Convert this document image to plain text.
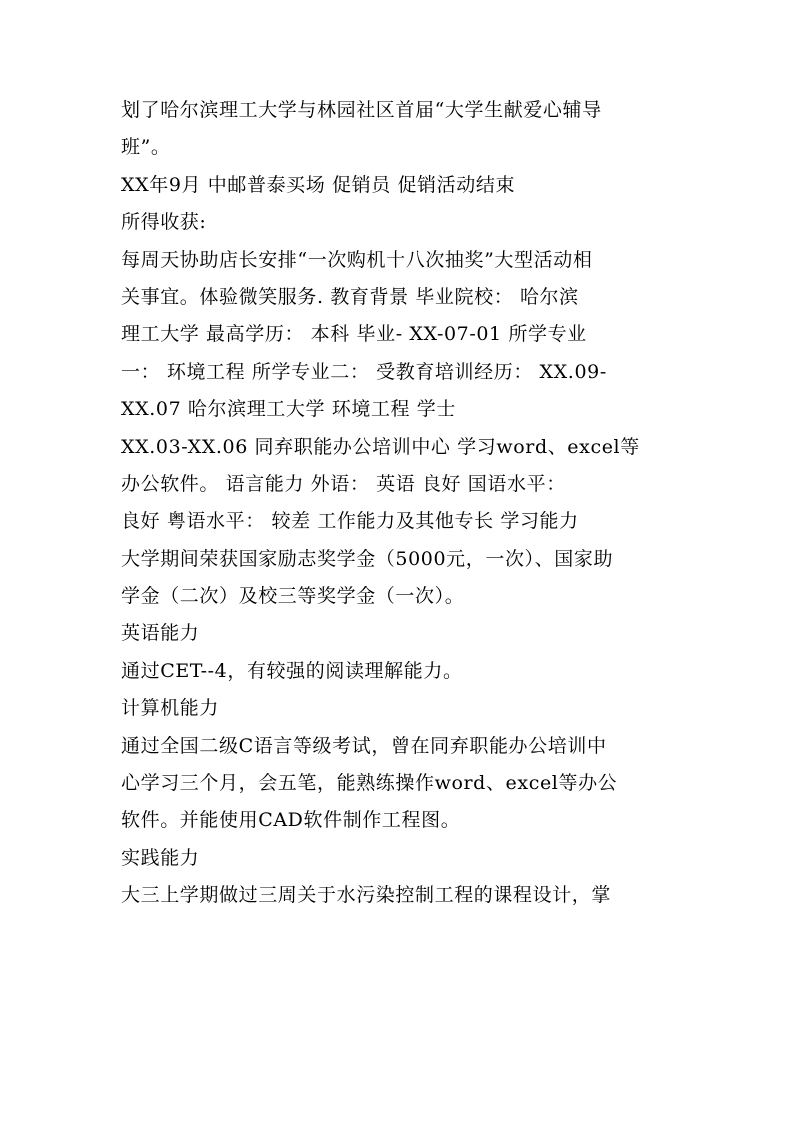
划了哈尔滨理工大学与林园社区首届“大学生献爱心辅导
班”。
XX年9月 中邮普泰买场 促销员 促销活动结束
所得收获:
每周天协助店长安排“一次购机十八次抽奖”大型活动相
关事宜。体验微笑服务. 教育背景 毕业院校： 哈尔滨
理工大学 最高学历： 本科 毕业- XX-07-01 所学专业
一： 环境工程 所学专业二： 受教育培训经历： XX.09-
XX.07 哈尔滨理工大学 环境工程 学士
XX.03-XX.06 同弃职能办公培训中心 学习word、excel等
办公软件。 语言能力 外语： 英语 良好 国语水平：
良好 粤语水平： 较差 工作能力及其他专长 学习能力
大学期间荣获国家励志奖学金（5000元，一次）、国家助
学金（二次）及校三等奖学金（一次）。
英语能力
通过CET--4，有较强的阅读理解能力。
计算机能力
通过全国二级C语言等级考试，曾在同弃职能办公培训中
心学习三个月，会五笔，能熟练操作word、excel等办公
软件。并能使用CAD软件制作工程图。
实践能力
大三上学期做过三周关于水污染控制工程的课程设计，掌
